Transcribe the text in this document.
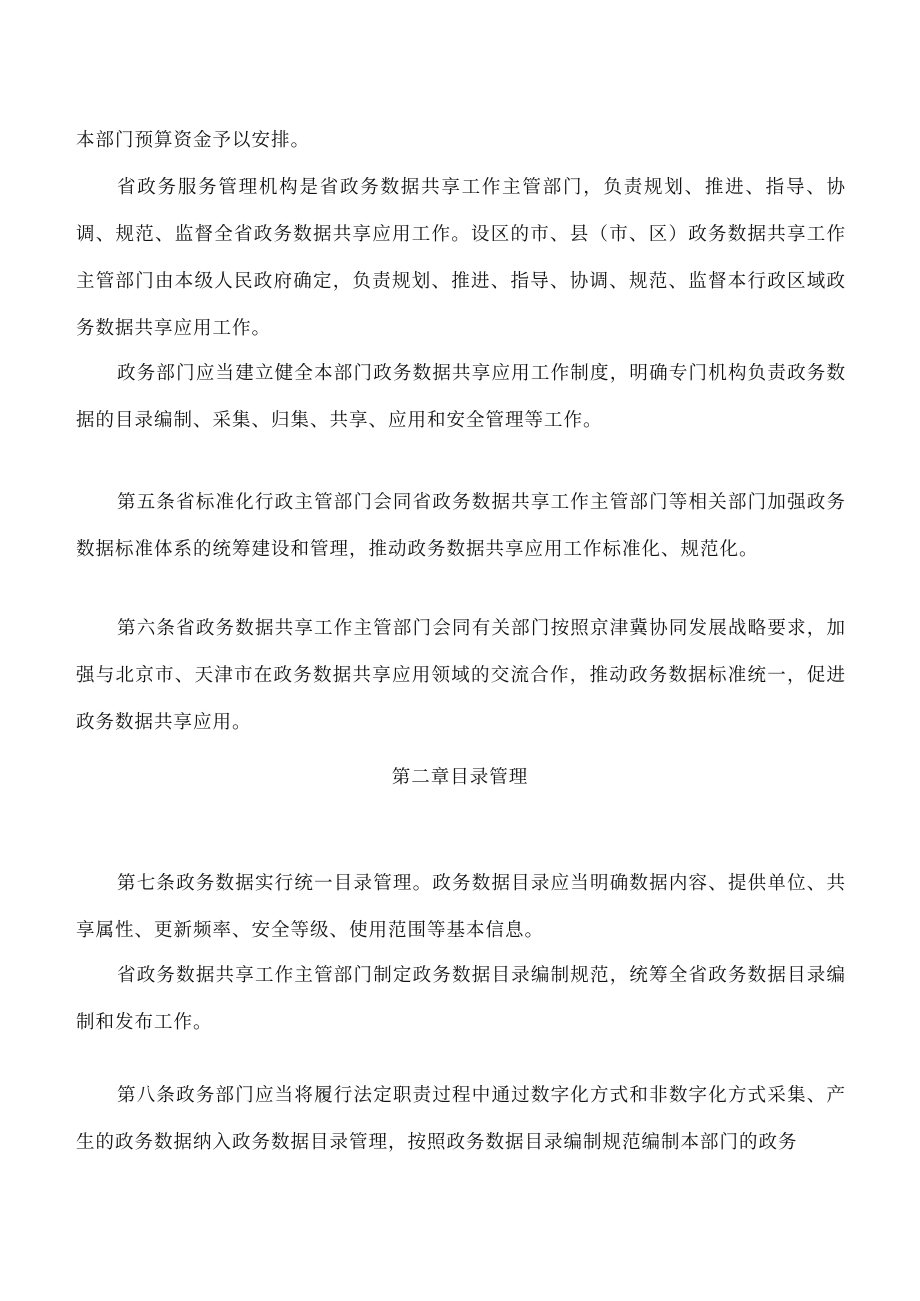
本部门预算资金予以安排。

省政务服务管理机构是省政务数据共享工作主管部门，负责规划、推进、指导、协调、规范、监督全省政务数据共享应用工作。设区的市、县（市、区）政务数据共享工作主管部门由本级人民政府确定，负责规划、推进、指导、协调、规范、监督本行政区域政务数据共享应用工作。

政务部门应当建立健全本部门政务数据共享应用工作制度，明确专门机构负责政务数据的目录编制、采集、归集、共享、应用和安全管理等工作。

第五条省标准化行政主管部门会同省政务数据共享工作主管部门等相关部门加强政务数据标准体系的统筹建设和管理，推动政务数据共享应用工作标准化、规范化。

第六条省政务数据共享工作主管部门会同有关部门按照京津冀协同发展战略要求，加强与北京市、天津市在政务数据共享应用领域的交流合作，推动政务数据标准统一，促进政务数据共享应用。

第二章目录管理

第七条政务数据实行统一目录管理。政务数据目录应当明确数据内容、提供单位、共享属性、更新频率、安全等级、使用范围等基本信息。

省政务数据共享工作主管部门制定政务数据目录编制规范，统筹全省政务数据目录编制和发布工作。

第八条政务部门应当将履行法定职责过程中通过数字化方式和非数字化方式采集、产生的政务数据纳入政务数据目录管理，按照政务数据目录编制规范编制本部门的政务
